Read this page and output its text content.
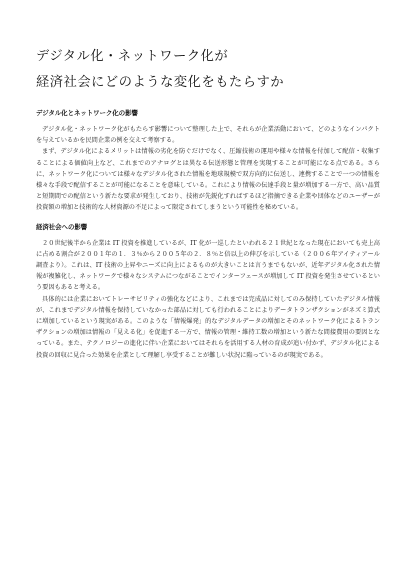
デジタル化・ネットワーク化が
経済社会にどのような変化をもたらすか
デジタル化とネットワーク化の影響

デジタル化・ネットワーク化がもたらす影響について整理した上で、それらが企業活動において、どのようなインパクトを与えているかを民間企業の例を交えて考察する。

まず、デジタル化によるメリットは情報の劣化を防ぐだけでなく、圧縮技術の運用や様々な情報を付加して配信・収集することによる価値向上など、これまでのアナログとは異なる伝送形態と管理を実現することが可能になる点である。さらに、ネットワーク化については様々なデジタル化された情報を地球規模で双方向的に伝送し、連携することで一つの情報を様々な手段で配信することが可能になることを意味している。これにより情報の伝達手段と量が増加する一方で、高い品質と短期間での配信という新たな要求が発生しており、技術が先鋭化すればするほど指摘できる企業や団体などのユーザーが投資額の増加と技術的な人材資源の不足によって限定されてしまうという可能性を秘めている。

経済社会への影響

２０世紀後半から企業は IT 投資を推進しているが、IT 化が一巡したといわれる２１世紀となった現在においても売上高に占める割合が２００１年の１．３％から２００５年の２．８％と倍以上の伸びを示している（２００６年アイティアール調査より）。これは、IT 技術の上昇やニーズに向上によるものが大きいことは言うまでもないが、近年デジタル化された情報が複雑化し、ネットワークで様々なシステムにつながることでインターフェースが増加して IT 投資を発生させているという要因もあると考える。

具体的には企業においてトレーサビリティの強化などにより、これまでは完成品に対してのみ保持していたデジタル情報が、これまでデジタル情報を保持していなかった部品に対しても行われることによりデータトランザクションがネズミ算式に増加しているという現実がある。このような「情報爆発」的なデジタルデータの増加とそのネットワーク化によるトランザクションの増加は情報の「見える化」を促進する一方で、情報の管理・維持工数の増加という新たな間接費用の要因となっている。また、テクノロジーの進化に伴い企業においてはそれらを活用する人材の育成が追い付かず、デジタル化による投資の回収に見合った効果を企業として理解し享受することが難しい状況に陥っているのが現実である。
